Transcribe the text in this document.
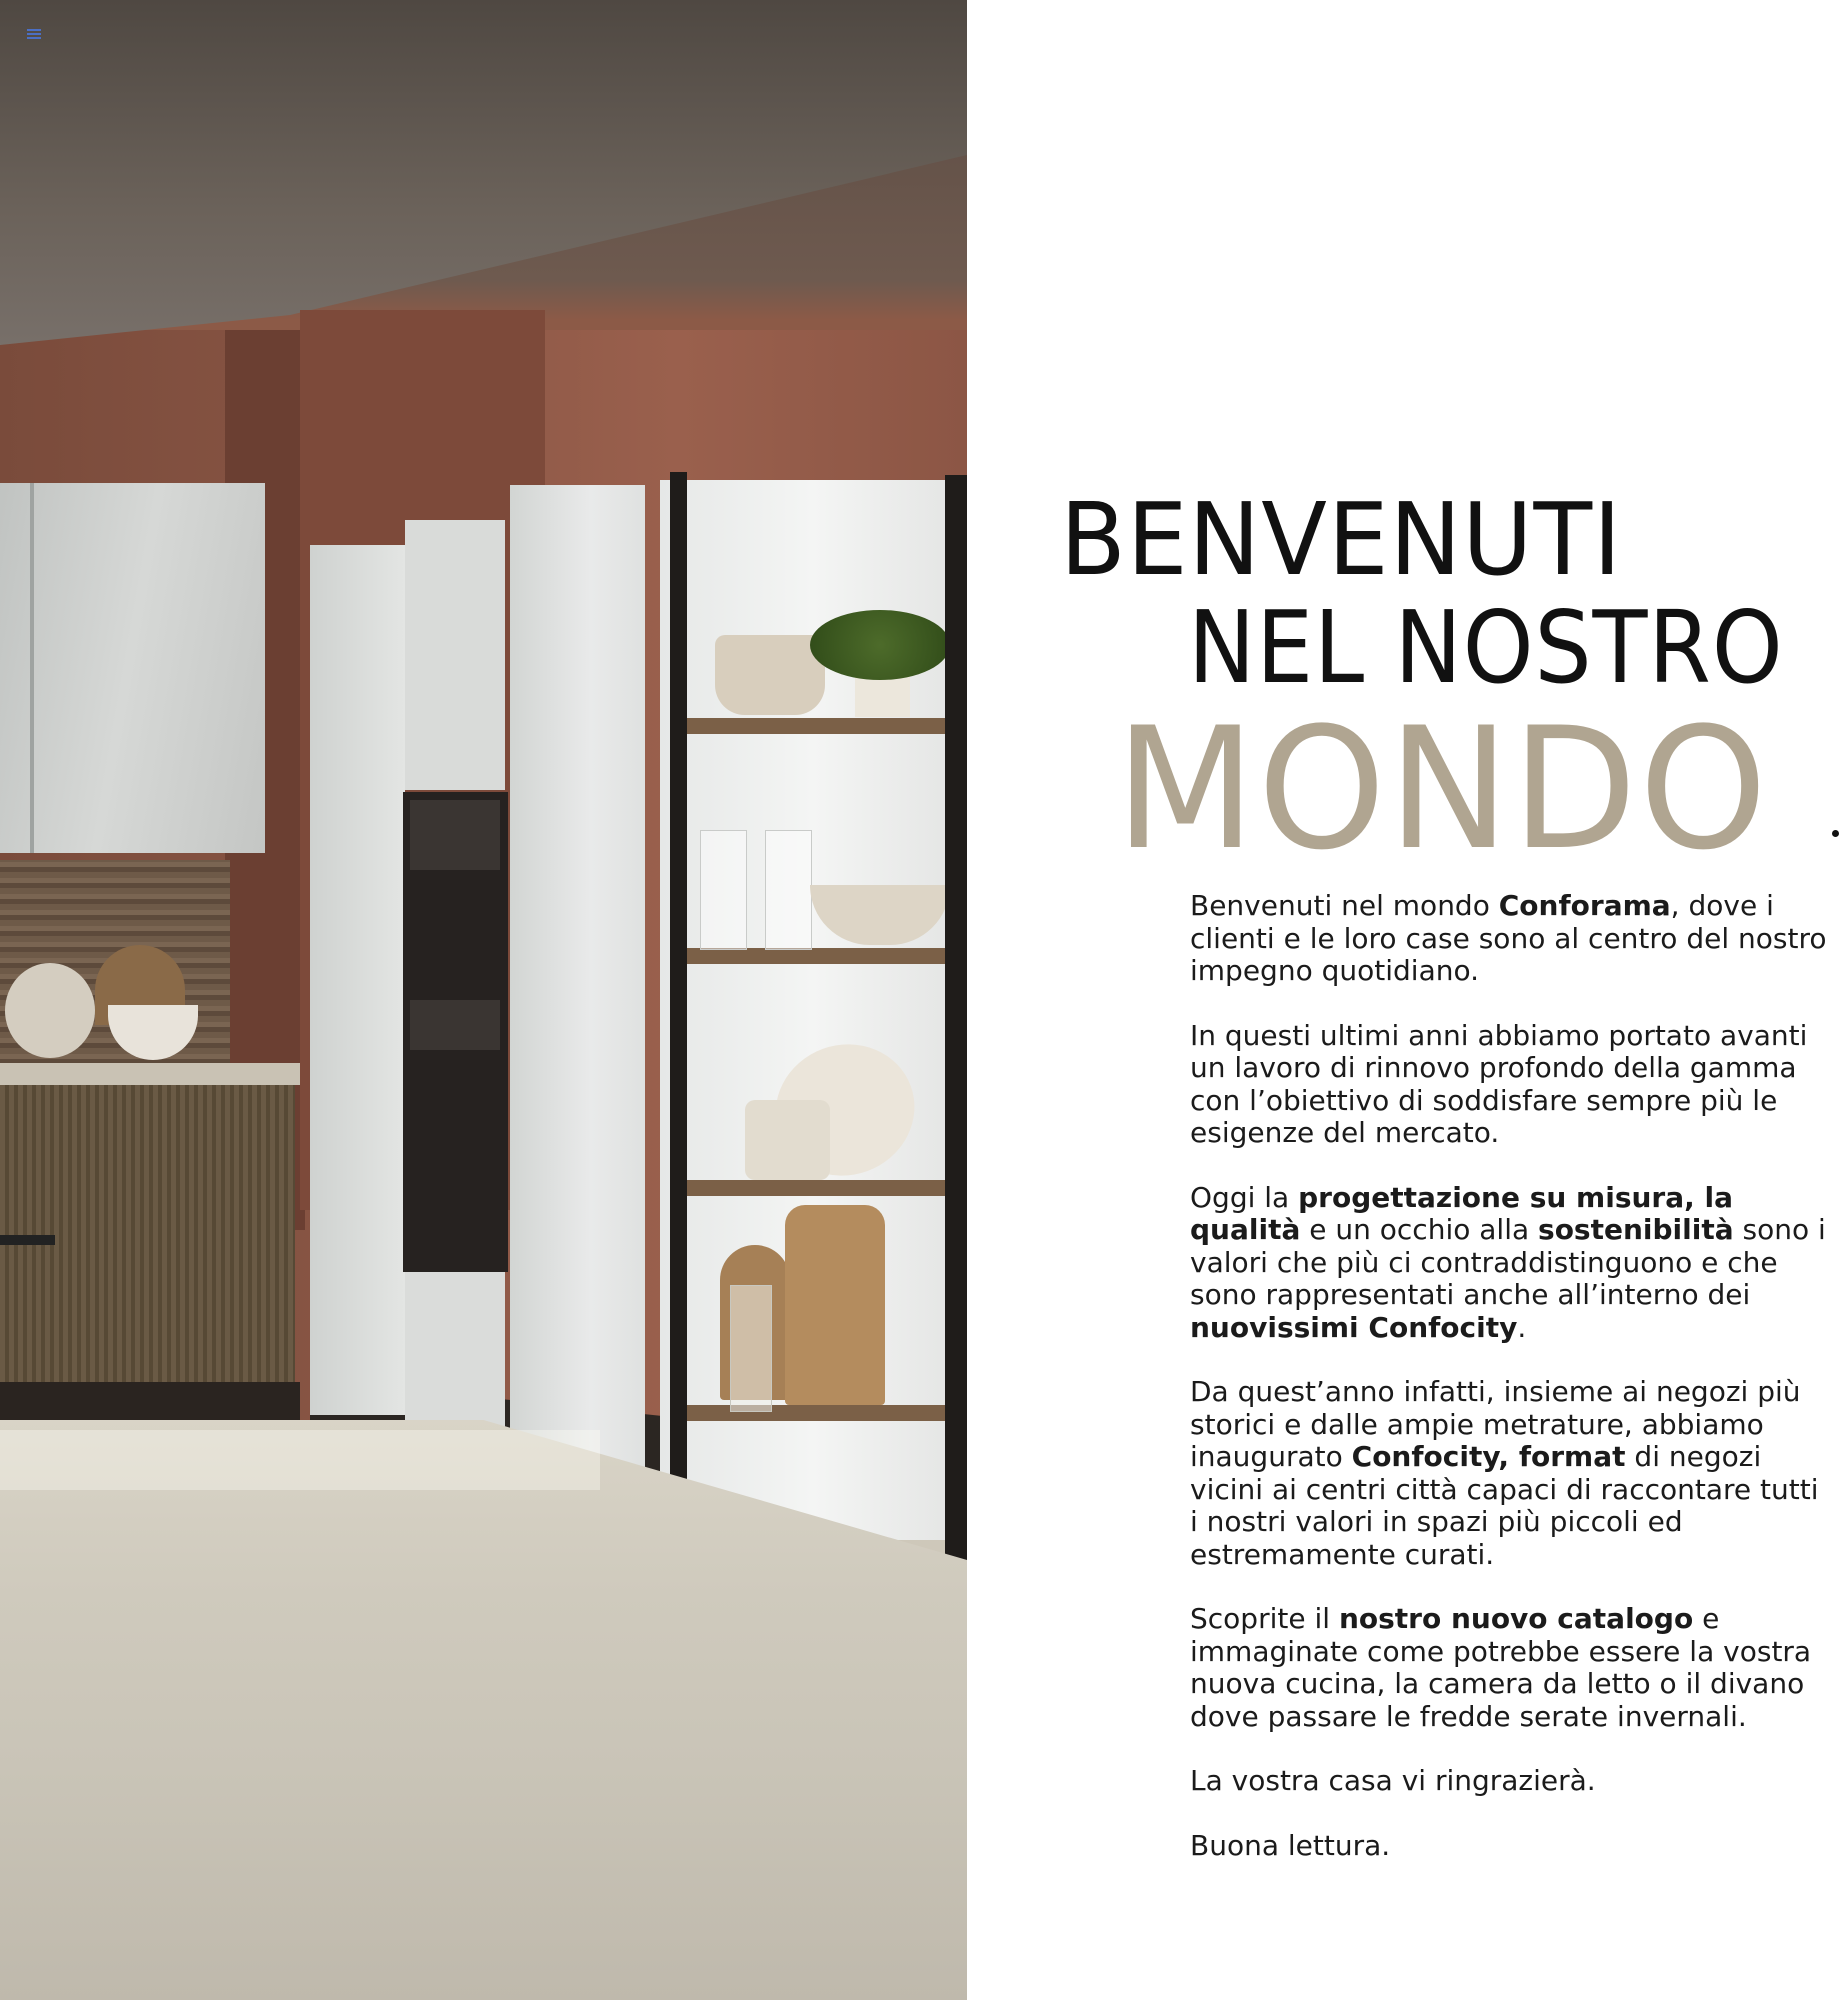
BENVENUTI
NEL NOSTRO
MONDO

Benvenuti nel mondo Conforama, dove i clienti e le loro case sono al centro del nostro impegno quotidiano.

In questi ultimi anni abbiamo portato avanti un lavoro di rinnovo profondo della gamma con l’obiettivo di soddisfare sempre più le esigenze del mercato.

Oggi la progettazione su misura, la qualità e un occhio alla sostenibilità sono i valori che più ci contraddistinguono e che sono rappresentati anche all’interno dei nuovissimi Confocity.

Da quest’anno infatti, insieme ai negozi più storici e dalle ampie metrature, abbiamo inaugurato Confocity, format di negozi vicini ai centri città capaci di raccontare tutti i nostri valori in spazi più piccoli ed estremamente curati.

Scoprite il nostro nuovo catalogo e immaginate come potrebbe essere la vostra nuova cucina, la camera da letto o il divano dove passare le fredde serate invernali.

La vostra casa vi ringrazierà.

Buona lettura.
